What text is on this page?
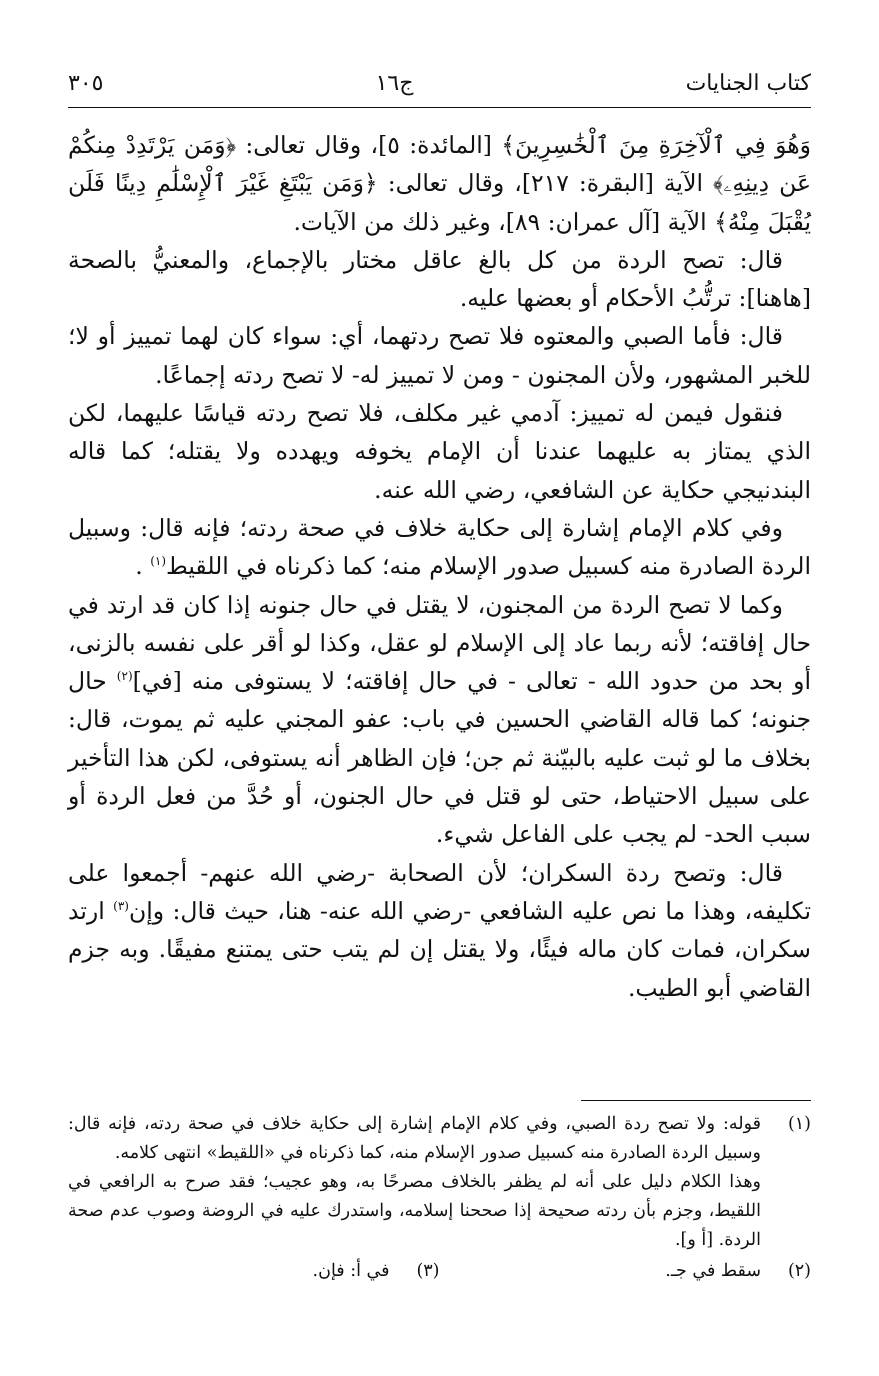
٣٠٥	ج١٦	كتاب الجنايات

وَهُوَ فِي ٱلْآخِرَةِ مِنَ ٱلْخَٰسِرِينَ﴾ [المائدة: ٥]، وقال تعالى: ﴿وَمَن يَرْتَدِدْ مِنكُمْ عَن دِينِهِۦ﴾ الآية [البقرة: ٢١٧]، وقال تعالى: ﴿وَمَن يَبْتَغِ غَيْرَ ٱلْإِسْلَٰمِ دِينًا فَلَن يُقْبَلَ مِنْهُ﴾ الآية [آل عمران: ٨٩]، وغير ذلك من الآيات.

قال: تصح الردة من كل بالغ عاقل مختار بالإجماع، والمعنيُّ بالصحة [هاهنا]: ترتُّبُ الأحكام أو بعضها عليه.

قال: فأما الصبي والمعتوه فلا تصح ردتهما، أي: سواء كان لهما تمييز أو لا؛ للخبر المشهور، ولأن المجنون - ومن لا تمييز له- لا تصح ردته إجماعًا.

فنقول فيمن له تمييز: آدمي غير مكلف، فلا تصح ردته قياسًا عليهما، لكن الذي يمتاز به عليهما عندنا أن الإمام يخوفه ويهدده ولا يقتله؛ كما قاله البندنيجي حكاية عن الشافعي، رضي الله عنه.

وفي كلام الإمام إشارة إلى حكاية خلاف في صحة ردته؛ فإنه قال: وسبيل الردة الصادرة منه كسبيل صدور الإسلام منه؛ كما ذكرناه في اللقيط$^{(١)}$ .

وكما لا تصح الردة من المجنون، لا يقتل في حال جنونه إذا كان قد ارتد في حال إفاقته؛ لأنه ربما عاد إلى الإسلام لو عقل، وكذا لو أقر على نفسه بالزنى، أو بحد من حدود الله - تعالى - في حال إفاقته؛ لا يستوفى منه [في]$^{(٢)}$ حال جنونه؛ كما قاله القاضي الحسين في باب: عفو المجني عليه ثم يموت، قال: بخلاف ما لو ثبت عليه بالبيّنة ثم جن؛ فإن الظاهر أنه يستوفى، لكن هذا التأخير على سبيل الاحتياط، حتى لو قتل في حال الجنون، أو حُدَّ من فعل الردة أو سبب الحد- لم يجب على الفاعل شيء.

قال: وتصح ردة السكران؛ لأن الصحابة -رضي الله عنهم- أجمعوا على تكليفه، وهذا ما نص عليه الشافعي -رضي الله عنه- هنا، حيث قال: وإن$^{(٣)}$ ارتد سكران، فمات كان ماله فيئًا، ولا يقتل إن لم يتب حتى يمتنع مفيقًا. وبه جزم القاضي أبو الطيب.

(١)
قوله: ولا تصح ردة الصبي، وفي كلام الإمام إشارة إلى حكاية خلاف في صحة ردته، فإنه قال: وسبيل الردة الصادرة منه كسبيل صدور الإسلام منه، كما ذكرناه في «اللقيط» انتهى كلامه.
وهذا الكلام دليل على أنه لم يظفر بالخلاف مصرحًا به، وهو عجيب؛ فقد صرح به الرافعي في اللقيط، وجزم بأن ردته صحيحة إذا صححنا إسلامه، واستدرك عليه في الروضة وصوب عدم صحة الردة. [أ و].
(٢)
سقط في جـ.
(٣)
في أ: فإن.
